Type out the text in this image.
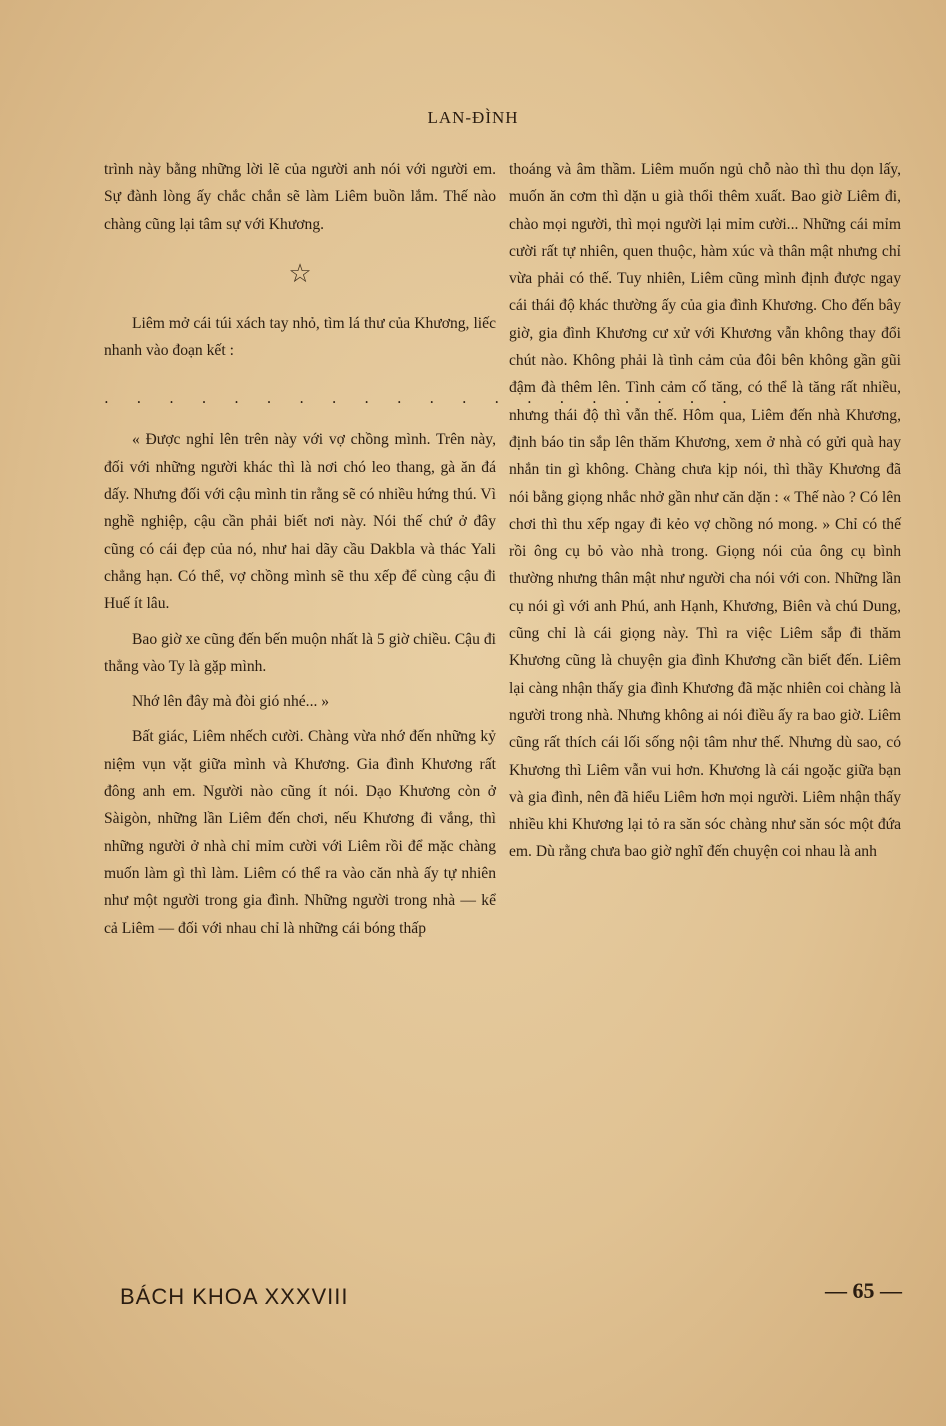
LAN-ĐÌNH

trình này bằng những lời lẽ của người anh nói với người em. Sự đành lòng ấy chắc chắn sẽ làm Liêm buồn lắm. Thế nào chàng cũng lại tâm sự với Khương.

☆

Liêm mở cái túi xách tay nhỏ, tìm lá thư của Khương, liếc nhanh vào đoạn kết :

. . . . . . . . . . . . . . . . . . . .

« Được nghỉ lên trên này với vợ chồng mình. Trên này, đối với những người khác thì là nơi chó leo thang, gà ăn đá dấy. Nhưng đối với cậu mình tin rằng sẽ có nhiều hứng thú. Vì nghề nghiệp, cậu cần phải biết nơi này. Nói thế chứ ở đây cũng có cái đẹp của nó, như hai dãy cầu Dakbla và thác Yali chẳng hạn. Có thể, vợ chồng mình sẽ thu xếp để cùng cậu đi Huế ít lâu.

Bao giờ xe cũng đến bến muộn nhất là 5 giờ chiều. Cậu đi thẳng vào Ty là gặp mình.

Nhớ lên đây mà đòi gió nhé... »

Bất giác, Liêm nhếch cười. Chàng vừa nhớ đến những kỷ niệm vụn vặt giữa mình và Khương. Gia đình Khương rất đông anh em. Người nào cũng ít nói. Dạo Khương còn ở Sàigòn, những lần Liêm đến chơi, nếu Khương đi vắng, thì những người ở nhà chỉ mỉm cười với Liêm rồi để mặc chàng muốn làm gì thì làm. Liêm có thể ra vào căn nhà ấy tự nhiên như một người trong gia đình. Những người trong nhà — kể cả Liêm — đối với nhau chỉ là những cái bóng thấp

thoáng và âm thầm. Liêm muốn ngủ chỗ nào thì thu dọn lấy, muốn ăn cơm thì dặn u già thổi thêm xuất. Bao giờ Liêm đi, chào mọi người, thì mọi người lại mỉm cười... Những cái mỉm cười rất tự nhiên, quen thuộc, hàm xúc và thân mật nhưng chỉ vừa phải có thế. Tuy nhiên, Liêm cũng mình định được ngay cái thái độ khác thường ấy của gia đình Khương. Cho đến bây giờ, gia đình Khương cư xử với Khương vẫn không thay đổi chút nào. Không phải là tình cảm của đôi bên không gần gũi đậm đà thêm lên. Tình cảm cố tăng, có thể là tăng rất nhiều, nhưng thái độ thì vẫn thế. Hôm qua, Liêm đến nhà Khương, định báo tin sắp lên thăm Khương, xem ở nhà có gửi quà hay nhắn tin gì không. Chàng chưa kịp nói, thì thầy Khương đã nói bằng giọng nhắc nhở gần như căn dặn : « Thế nào ? Có lên chơi thì thu xếp ngay đi kẻo vợ chồng nó mong. » Chỉ có thế rồi ông cụ bỏ vào nhà trong. Giọng nói của ông cụ bình thường nhưng thân mật như người cha nói với con. Những lần cụ nói gì với anh Phú, anh Hạnh, Khương, Biên và chú Dung, cũng chỉ là cái giọng này. Thì ra việc Liêm sắp đi thăm Khương cũng là chuyện gia đình Khương cần biết đến. Liêm lại càng nhận thấy gia đình Khương đã mặc nhiên coi chàng là người trong nhà. Nhưng không ai nói điều ấy ra bao giờ. Liêm cũng rất thích cái lối sống nội tâm như thế. Nhưng dù sao, có Khương thì Liêm vẫn vui hơn. Khương là cái ngoặc giữa bạn và gia đình, nên đã hiểu Liêm hơn mọi người. Liêm nhận thấy nhiều khi Khương lại tỏ ra săn sóc chàng như săn sóc một đứa em. Dù rằng chưa bao giờ nghĩ đến chuyện coi nhau là anh

BÁCH KHOA XXXVIII	— 65 —
